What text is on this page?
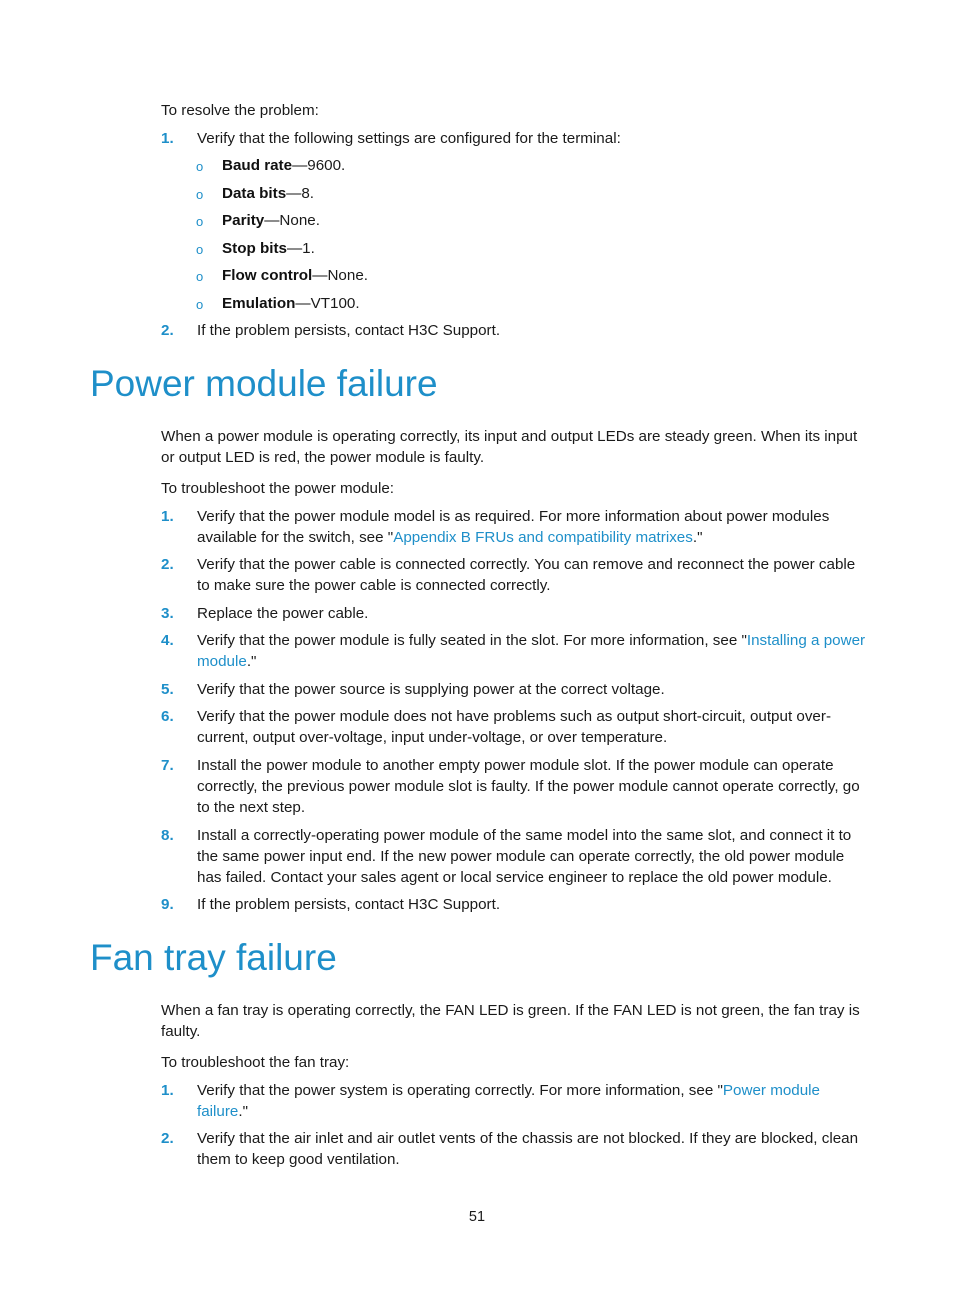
To resolve the problem:

1.	Verify that the following settings are configured for the terminal:
o Baud rate—9600.
o Data bits—8.
o Parity—None.
o Stop bits—1.
o Flow control—None.
o Emulation—VT100.
2.	If the problem persists, contact H3C Support.
Power module failure

When a power module is operating correctly, its input and output LEDs are steady green. When its input or output LED is red, the power module is faulty.

To troubleshoot the power module:

1.	Verify that the power module model is as required. For more information about power modules available for the switch, see "Appendix B FRUs and compatibility matrixes."
2.	Verify that the power cable is connected correctly. You can remove and reconnect the power cable to make sure the power cable is connected correctly.
3.	Replace the power cable.
4.	Verify that the power module is fully seated in the slot. For more information, see "Installing a power module."
5.	Verify that the power source is supplying power at the correct voltage.
6.	Verify that the power module does not have problems such as output short-circuit, output over-current, output over-voltage, input under-voltage, or over temperature.
7.	Install the power module to another empty power module slot. If the power module can operate correctly, the previous power module slot is faulty. If the power module cannot operate correctly, go to the next step.
8.	Install a correctly-operating power module of the same model into the same slot, and connect it to the same power input end. If the new power module can operate correctly, the old power module has failed. Contact your sales agent or local service engineer to replace the old power module.
9.	If the problem persists, contact H3C Support.
Fan tray failure

When a fan tray is operating correctly, the FAN LED is green. If the FAN LED is not green, the fan tray is faulty.

To troubleshoot the fan tray:

1.	Verify that the power system is operating correctly. For more information, see "Power module failure."
2.	Verify that the air inlet and air outlet vents of the chassis are not blocked. If they are blocked, clean them to keep good ventilation.
51
